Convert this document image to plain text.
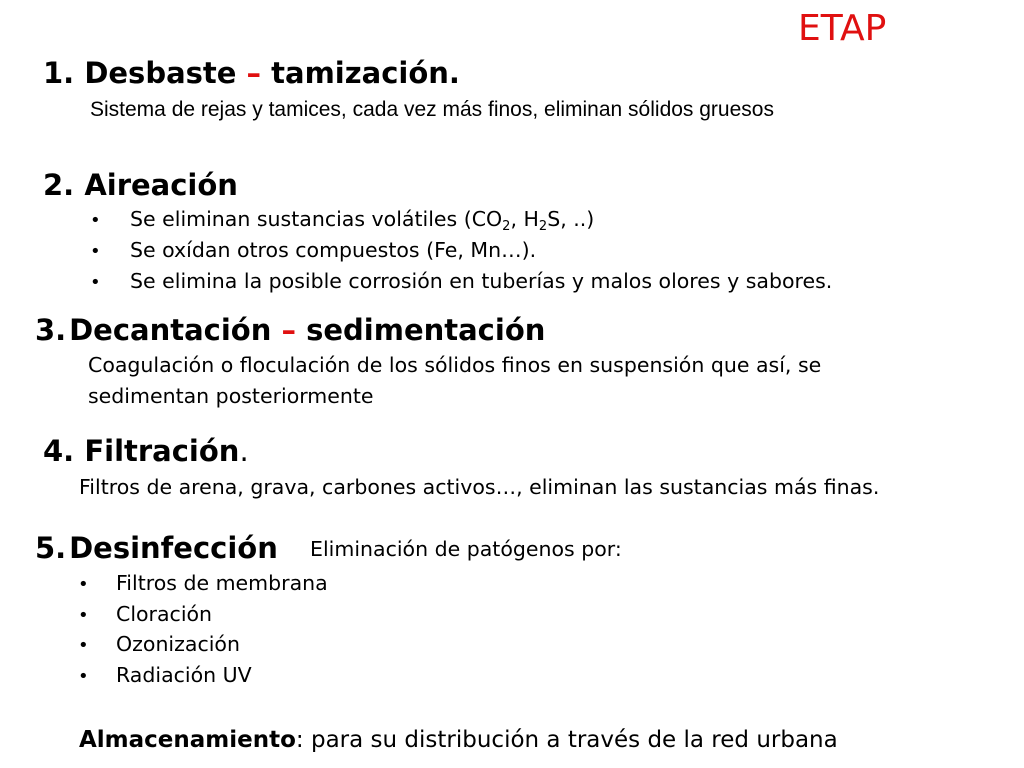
ETAP
1. Desbaste – tamización.
Sistema de rejas y tamices, cada vez más finos, eliminan sólidos gruesos
2. Aireación
• Se eliminan sustancias volátiles ($CO_2$, $H_2S$, ..)
• Se oxídan otros compuestos (Fe, Mn…).
• Se elimina la posible corrosión en tuberías y malos olores y sabores.
3. Decantación – sedimentación
Coagulación o floculación de los sólidos finos en suspensión que así, se
sedimentan posteriormente
4. Filtración.
Filtros de arena, grava, carbones activos…, eliminan las sustancias más finas.
5. Desinfección Eliminación de patógenos por:
• Filtros de membrana
• Cloración
• Ozonización
• Radiación UV
Almacenamiento: para su distribución a través de la red urbana
